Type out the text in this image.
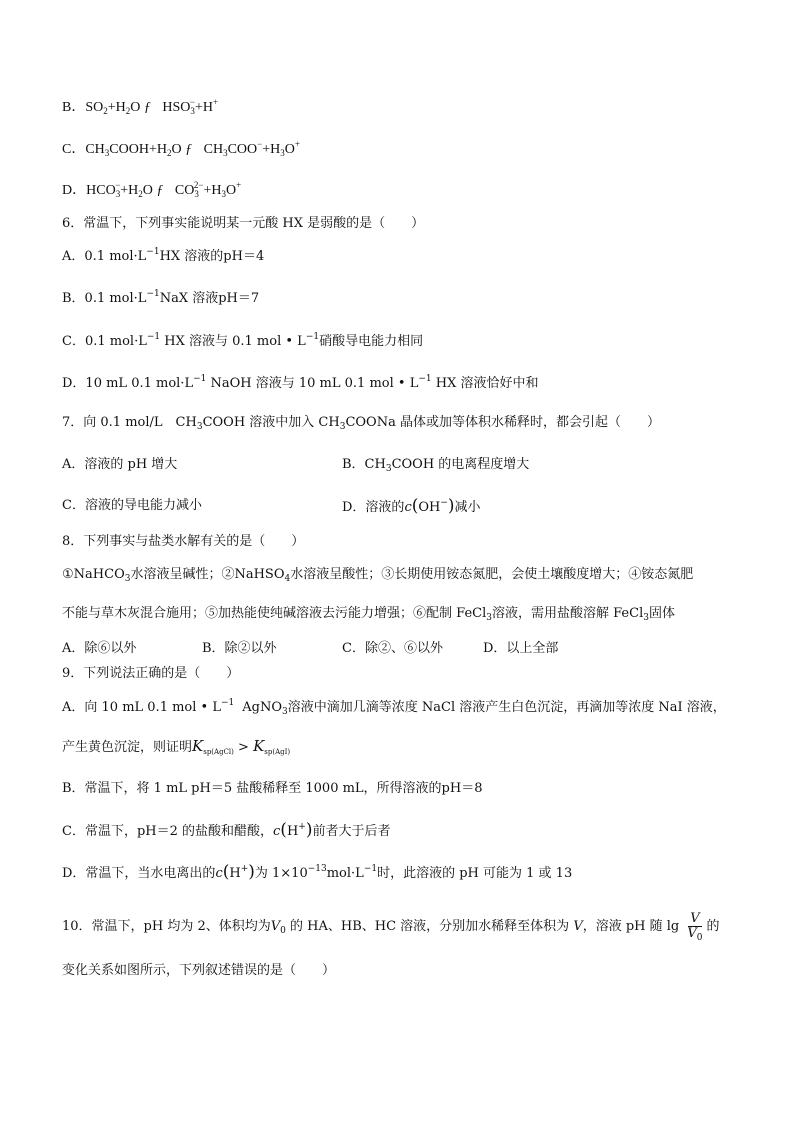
B．$SO_2+H_2O$ ƒ $HSO_3^-+H^+$
C．$CH_3COOH+H_2O$ ƒ $CH_3COO^-+H_3O^+$
D．$HCO_3^-+H_2O$ ƒ $CO_3^{2-}+H_3O^+$
6．常温下，下列事实能说明某一元酸 HX 是弱酸的是（　　）
A．0.1 $mol\cdot L^{-1}HX$ 溶液的pH＝4
B．0.1 $mol\cdot L^{-1}NaX$ 溶液pH＝7
C．0.1 $mol\cdot L^{-1}$ HX 溶液与 0.1 mol • $L^{-1}$硝酸导电能力相同
D．10 mL 0.1 $mol\cdot L^{-1}$ NaOH 溶液与 10 mL 0.1 mol • $L^{-1}$ HX 溶液恰好中和
7．向 0.1 mol/L　$CH_3COOH$ 溶液中加入 $CH_3COONa$ 晶体或加等体积水稀释时，都会引起（　　）
A．溶液的 pH 增大	B．$CH_3COOH$ 的电离程度增大
C．溶液的导电能力减小	D．溶液的c(OH−)减小
8．下列事实与盐类水解有关的是（　　）
①NaHCO$_3$水溶液呈碱性；②NaHSO$_4$水溶液呈酸性；③长期使用铵态氮肥，会使土壤酸度增大；④铵态氮肥
不能与草木灰混合施用；⑤加热能使纯碱溶液去污能力增强；⑥配制 FeCl$_3$溶液，需用盐酸溶解 FeCl$_3$固体
A．除⑥以外	B．除②以外	C．除②、⑥以外	D．以上全部
9．下列说法正确的是（　　）
A．向 10 mL 0.1 mol • $L^{-1}$ AgNO$_3$溶液中滴加几滴等浓度 NaCl 溶液产生白色沉淀，再滴加等浓度 NaI 溶液，
产生黄色沉淀，则证明$K_{sp(AgCl)} > K_{sp(AgI)}$
B．常温下，将 1 mL pH＝5 盐酸稀释至 1000 mL，所得溶液的pH＝8
C．常温下，pH＝2 的盐酸和醋酸，c(H+)前者大于后者
D．常温下，当水电离出的c(H+)为 $1\times 10^{-13}mol\cdot L^{-1}$时，此溶液的 pH 可能为 1 或 13
10．常温下，pH 均为 2、体积均为$V_0$ 的 HA、HB、HC 溶液，分别加水稀释至体积为 V，溶液 pH 随 $\lg \frac{V}{V_0}$ 的
变化关系如图所示，下列叙述错误的是（　　）
